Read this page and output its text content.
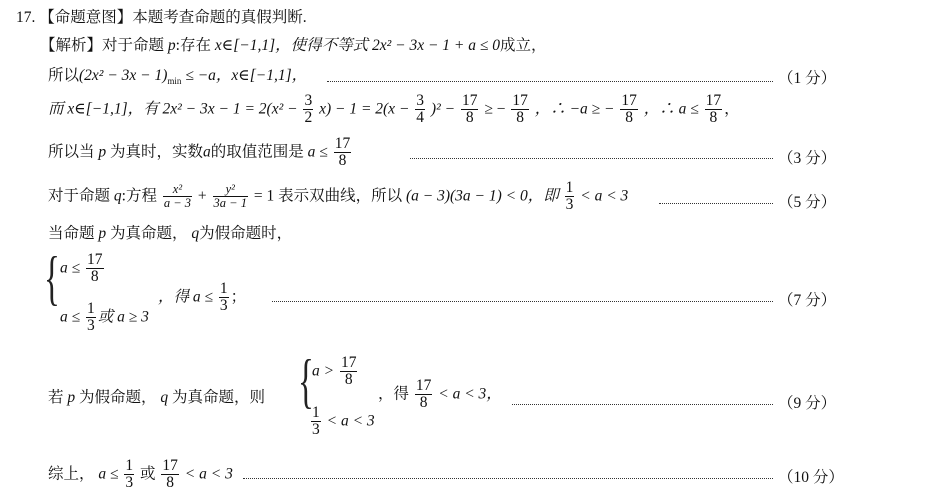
17. 【命题意图】本题考查命题的真假判断.
【解析】对于命题 p:存在 x∈[−1,1]，使得不等式 2x² − 3x − 1 + a ≤ 0成立，
所以$(2x^2 - 3x - 1)_{min} \le -a$，x∈[−1,1]，	（1 分）
而 x∈[−1,1]，有 $2x^2 - 3x - 1 = 2(x^2 - \frac{3}{2} x) - 1 = 2(x - \frac{3}{4} )^2 - \frac{17}{8}$ ≥ − $\frac{17}{8}$ ，∴ −a ≥ − $\frac{17}{8}$ ，∴ $a \le \frac{17}{8}$ ，
所以当 p 为真时，实数a的取值范围是 $a \le \frac{17}{8}$	（3 分）
对于命题 q:方程 $\frac{\text{x²}}{a - 3} + \frac{\text{y²}}{3a - 1} = 1$ 表示双曲线，所以 (a − 3)(3a − 1) < 0，即 $\frac{1}{3} < a < 3$	（5 分）
当命题 p 为真命题， q为假命题时，
{ $a \le \frac{17}{8}$
$a \le \frac{1}{3}$ 或 a ≥ 3
，得 $a \le \frac{1}{3}$ ；	（7 分）
若 p 为假命题， q 为真命题，则 {
$a > \frac{17}{8}$
$\frac{1}{3} < a < 3$
，得 $\frac{17}{8} < a < 3$，
（9 分）
综上， $a \le \frac{1}{3}$ 或 $\frac{17}{8} < a < 3$	（10 分）
